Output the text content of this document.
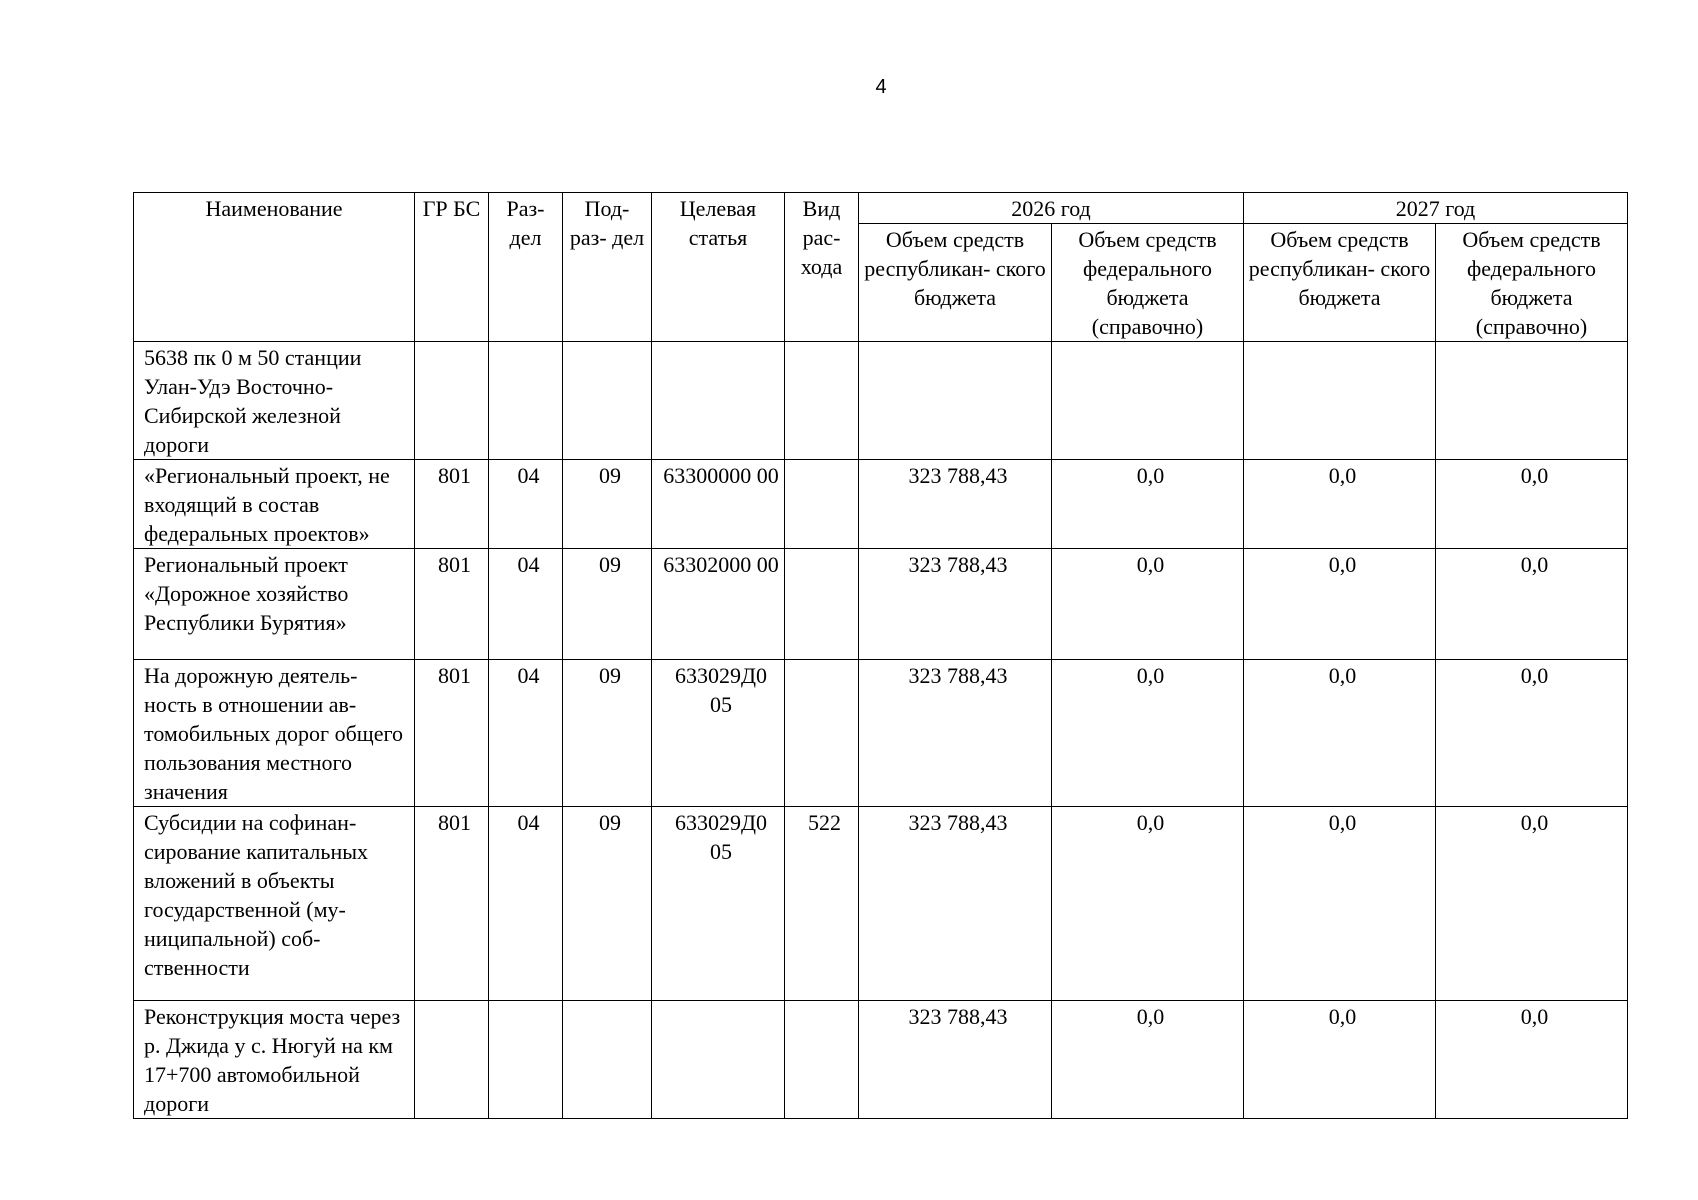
4
Наименование	ГР БС	Раз- дел	Под- раз- дел	Целевая статья	Вид рас- хода	2026 год		2027 год	
						Объем средств республикан- ского бюджета	Объем средств федерального бюджета (справочно)	Объем средств республикан- ского бюджета	Объем средств федерального бюджета (справочно)
5638 пк 0 м 50 станции Улан-Удэ Восточно-Сибирской железной дороги									
«Региональный проект, не входящий в состав федеральных проектов»	801	04	09	63300000 00		323 788,43	0,0	0,0	0,0
Региональный проект «Дорожное хозяйство Республики Бурятия»	801	04	09	63302000 00		323 788,43	0,0	0,0	0,0
На дорожную деятель- ность в отношении ав- томобильных дорог общего пользования местного значения	801	04	09	633029Д0 05		323 788,43	0,0	0,0	0,0
Субсидии на софинан- сирование капитальных вложений в объекты государственной (му- ниципальной) соб- ственности	801	04	09	633029Д0 05	522	323 788,43	0,0	0,0	0,0
Реконструкция моста через р. Джида у с. Нюгуй на км 17+700 автомобильной дороги						323 788,43	0,0	0,0	0,0
